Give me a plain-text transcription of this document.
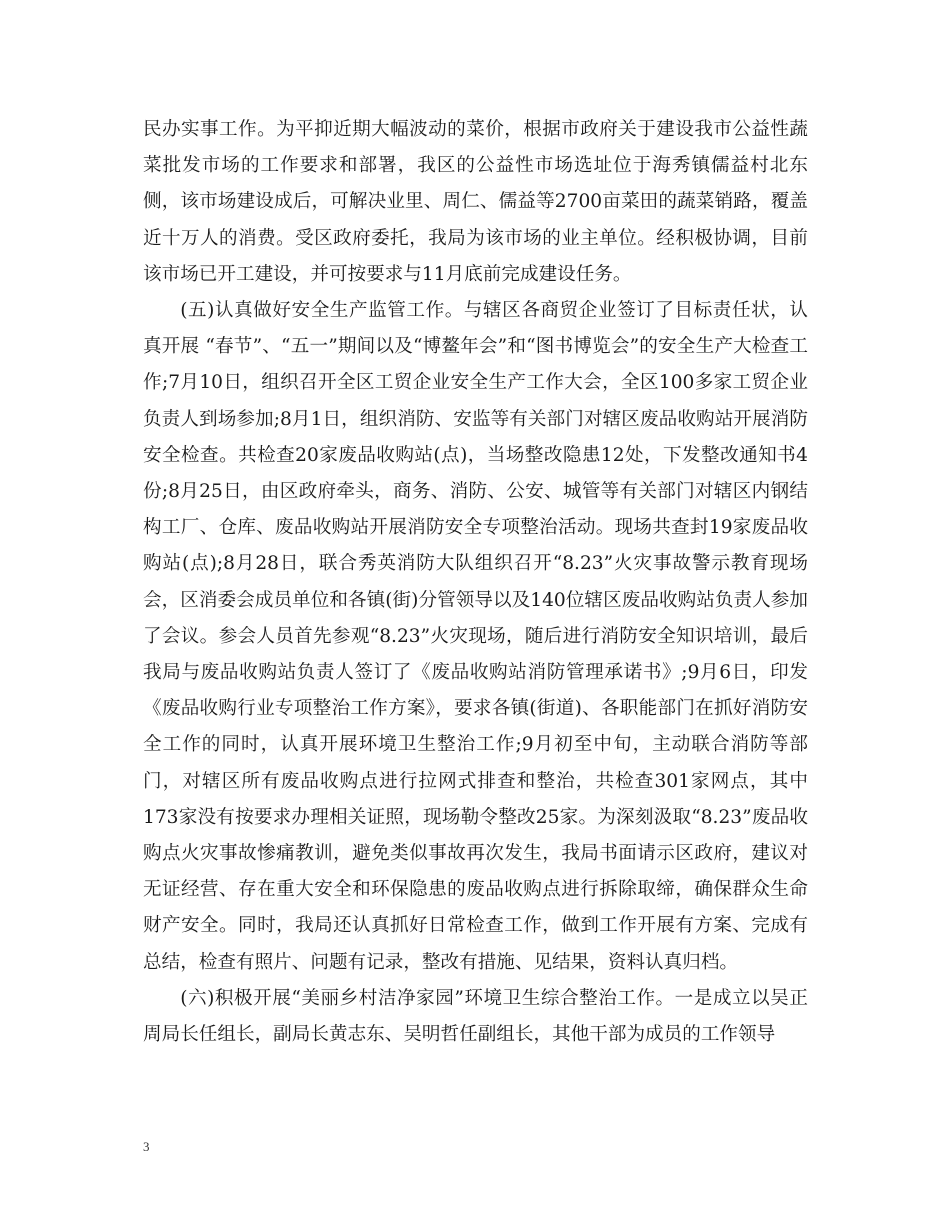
民办实事工作。为平抑近期大幅波动的菜价，根据市政府关于建设我市公益性蔬菜批发市场的工作要求和部署，我区的公益性市场选址位于海秀镇儒益村北东侧，该市场建设成后，可解决业里、周仁、儒益等2700亩菜田的蔬菜销路，覆盖近十万人的消费。受区政府委托，我局为该市场的业主单位。经积极协调，目前该市场已开工建设，并可按要求与11月底前完成建设任务。

(五)认真做好安全生产监管工作。与辖区各商贸企业签订了目标责任状，认真开展 “春节”、“五一”期间以及“博鳌年会”和“图书博览会”的安全生产大检查工作;7月10日，组织召开全区工贸企业安全生产工作大会，全区100多家工贸企业负责人到场参加;8月1日，组织消防、安监等有关部门对辖区废品收购站开展消防安全检查。共检查20家废品收购站(点)，当场整改隐患12处，下发整改通知书4份;8月25日，由区政府牵头，商务、消防、公安、城管等有关部门对辖区内钢结构工厂、仓库、废品收购站开展消防安全专项整治活动。现场共查封19家废品收购站(点);8月28日，联合秀英消防大队组织召开“8.23”火灾事故警示教育现场会，区消委会成员单位和各镇(街)分管领导以及140位辖区废品收购站负责人参加了会议。参会人员首先参观“8.23”火灾现场，随后进行消防安全知识培训，最后我局与废品收购站负责人签订了《废品收购站消防管理承诺书》;9月6日，印发《废品收购行业专项整治工作方案》，要求各镇(街道)、各职能部门在抓好消防安全工作的同时，认真开展环境卫生整治工作;9月初至中旬，主动联合消防等部门，对辖区所有废品收购点进行拉网式排查和整治，共检查301家网点，其中173家没有按要求办理相关证照，现场勒令整改25家。为深刻汲取“8.23”废品收购点火灾事故惨痛教训，避免类似事故再次发生，我局书面请示区政府，建议对无证经营、存在重大安全和环保隐患的废品收购点进行拆除取缔，确保群众生命财产安全。同时，我局还认真抓好日常检查工作，做到工作开展有方案、完成有总结，检查有照片、问题有记录，整改有措施、见结果，资料认真归档。

(六)积极开展“美丽乡村洁净家园”环境卫生综合整治工作。一是成立以吴正周局长任组长，副局长黄志东、吴明哲任副组长，其他干部为成员的工作领导

3
